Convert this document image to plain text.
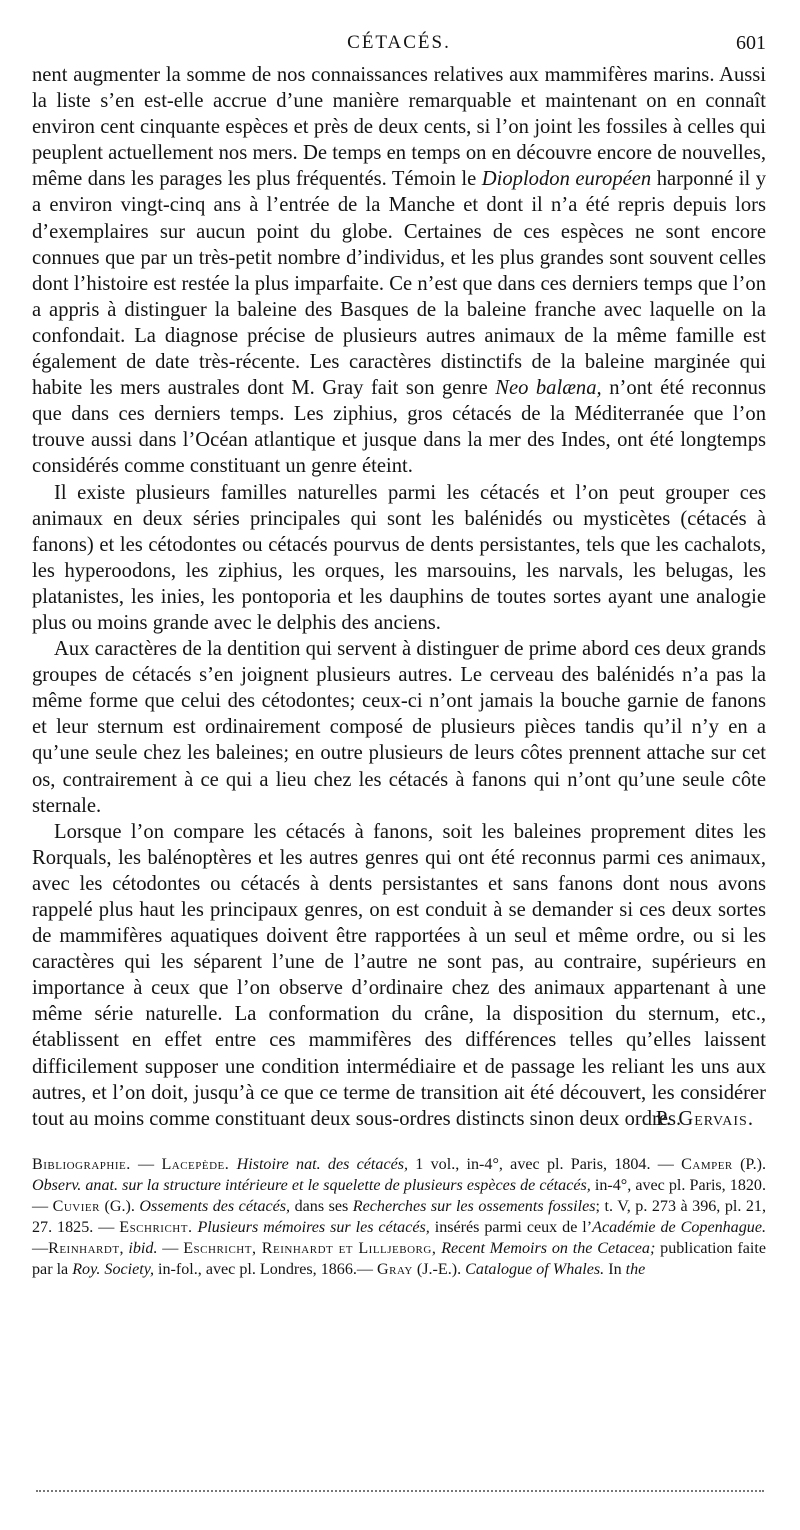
CÉTACÉS.	601

nent augmenter la somme de nos connaissances relatives aux mammifères marins. Aussi la liste s’en est-elle accrue d’une manière remarquable et maintenant on en connaît environ cent cinquante espèces et près de deux cents, si l’on joint les fossiles à celles qui peuplent actuellement nos mers. De temps en temps on en découvre encore de nouvelles, même dans les parages les plus fréquentés. Témoin le Dioplodon européen harponné il y a environ vingt-cinq ans à l’entrée de la Manche et dont il n’a été repris depuis lors d’exemplaires sur aucun point du globe. Certaines de ces espèces ne sont encore connues que par un très-petit nombre d’individus, et les plus grandes sont souvent celles dont l’histoire est restée la plus imparfaite. Ce n’est que dans ces derniers temps que l’on a appris à distinguer la baleine des Basques de la baleine franche avec laquelle on la confondait. La diagnose précise de plusieurs autres animaux de la même famille est également de date très-récente. Les caractères distinctifs de la baleine marginée qui habite les mers australes dont M. Gray fait son genre Neo balæna, n’ont été reconnus que dans ces derniers temps. Les ziphius, gros cétacés de la Méditerranée que l’on trouve aussi dans l’Océan atlantique et jusque dans la mer des Indes, ont été longtemps considérés comme constituant un genre éteint.

Il existe plusieurs familles naturelles parmi les cétacés et l’on peut grouper ces animaux en deux séries principales qui sont les balénidés ou mysticètes (cétacés à fanons) et les cétodontes ou cétacés pourvus de dents persistantes, tels que les cachalots, les hyperoodons, les ziphius, les orques, les marsouins, les narvals, les belugas, les platanistes, les inies, les pontoporia et les dauphins de toutes sortes ayant une analogie plus ou moins grande avec le delphis des anciens.

Aux caractères de la dentition qui servent à distinguer de prime abord ces deux grands groupes de cétacés s’en joignent plusieurs autres. Le cerveau des balénidés n’a pas la même forme que celui des cétodontes; ceux-ci n’ont jamais la bouche garnie de fanons et leur sternum est ordinairement composé de plusieurs pièces tandis qu’il n’y en a qu’une seule chez les baleines; en outre plusieurs de leurs côtes prennent attache sur cet os, contrairement à ce qui a lieu chez les cétacés à fanons qui n’ont qu’une seule côte sternale.

Lorsque l’on compare les cétacés à fanons, soit les baleines proprement dites les Rorquals, les balénoptères et les autres genres qui ont été reconnus parmi ces animaux, avec les cétodontes ou cétacés à dents persistantes et sans fanons dont nous avons rappelé plus haut les principaux genres, on est conduit à se demander si ces deux sortes de mammifères aquatiques doivent être rapportées à un seul et même ordre, ou si les caractères qui les séparent l’une de l’autre ne sont pas, au contraire, supérieurs en importance à ceux que l’on observe d’ordinaire chez des animaux appartenant à une même série naturelle. La conformation du crâne, la disposition du sternum, etc., établissent en effet entre ces mammifères des différences telles qu’elles laissent difficilement supposer une condition intermédiaire et de passage les reliant les uns aux autres, et l’on doit, jusqu’à ce que ce terme de transition ait été découvert, les considérer tout au moins comme constituant deux sous-ordres distincts sinon deux ordres.

P. Gervais.

Bibliographie. — Lacepède. Histoire nat. des cétacés, 1 vol., in-4°, avec pl. Paris, 1804. — Camper (P.). Observ. anat. sur la structure intérieure et le squelette de plusieurs espèces de cétacés, in-4°, avec pl. Paris, 1820.— Cuvier (G.). Ossements des cétacés, dans ses Recherches sur les ossements fossiles; t. V, p. 273 à 396, pl. 21, 27. 1825. — Eschricht. Plusieurs mémoires sur les cétacés, insérés parmi ceux de l’Académie de Copenhague. —Reinhardt, ibid. — Eschricht, Reinhardt et Lilljeborg, Recent Memoirs on the Cetacea; publication faite par la Roy. Society, in-fol., avec pl. Londres, 1866.— Gray (J.-E.). Catalogue of Whales. In the
